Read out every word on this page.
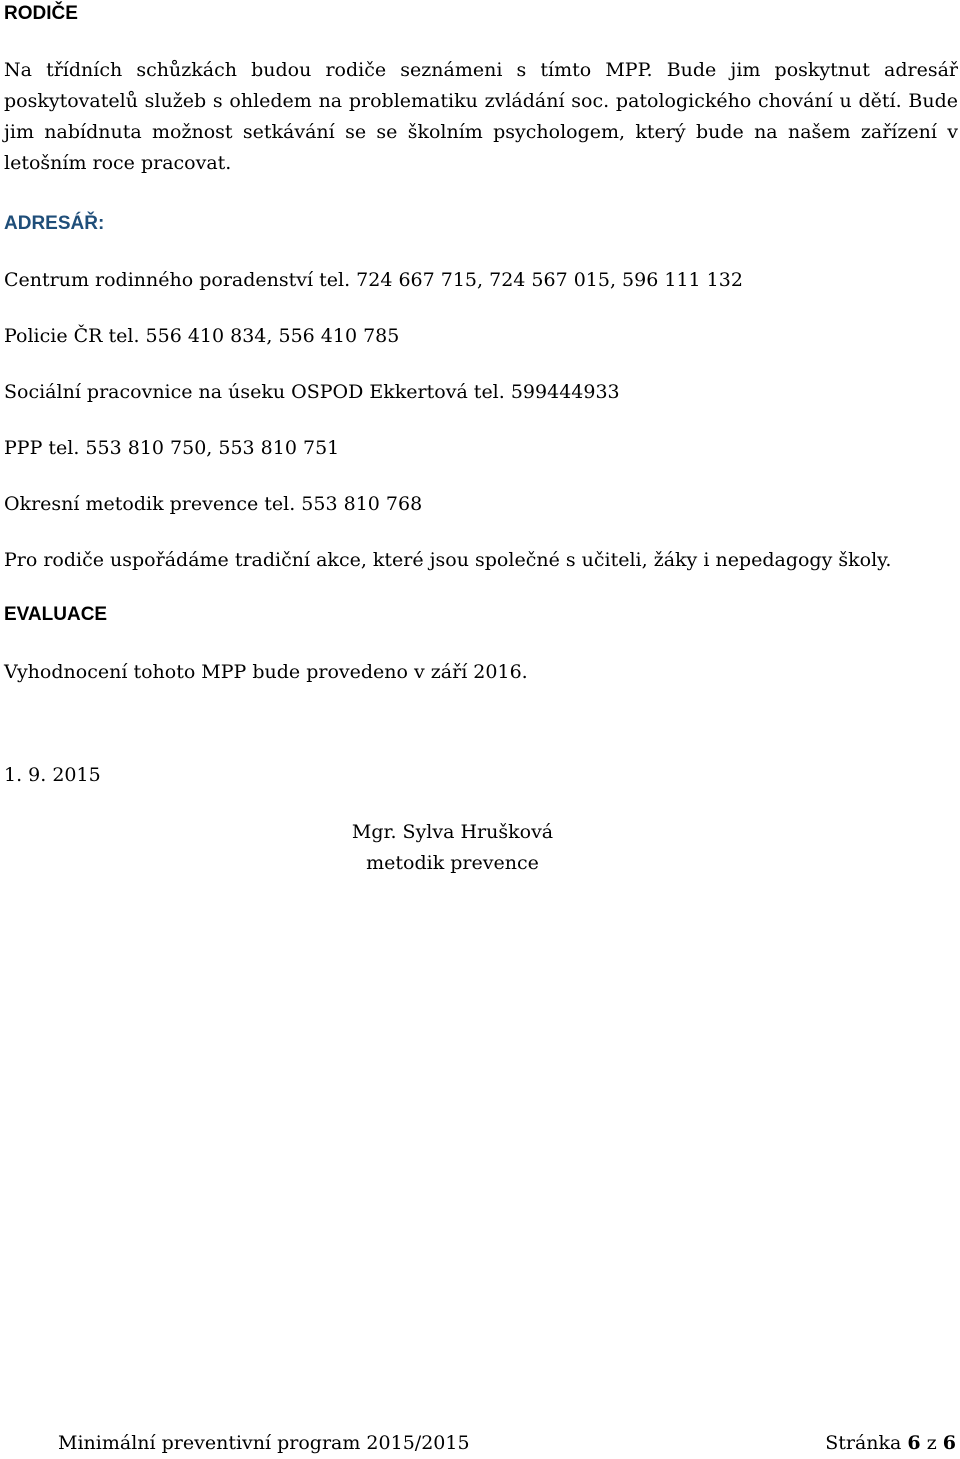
RODIČE

Na třídních schůzkách budou rodiče seznámeni s tímto MPP. Bude jim poskytnut adresář poskytovatelů služeb s ohledem na problematiku zvládání soc. patologického chování u dětí. Bude jim nabídnuta možnost setkávání se se školním psychologem, který bude na našem zařízení v letošním roce pracovat.

ADRESÁŘ:
Centrum rodinného poradenství tel. 724 667 715, 724 567 015, 596 111 132
Policie ČR tel. 556 410 834, 556 410 785
Sociální pracovnice na úseku OSPOD Ekkertová tel. 599444933
PPP tel. 553 810 750, 553 810 751
Okresní metodik prevence tel. 553 810 768
Pro rodiče uspořádáme tradiční akce, které jsou společné s učiteli, žáky i nepedagogy školy.
EVALUACE
Vyhodnocení tohoto MPP bude provedeno v září 2016.
1. 9. 2015
Mgr. Sylva Hrušková
metodik prevence
Minimální preventivní program 2015/2015	Stránka 6 z 6
